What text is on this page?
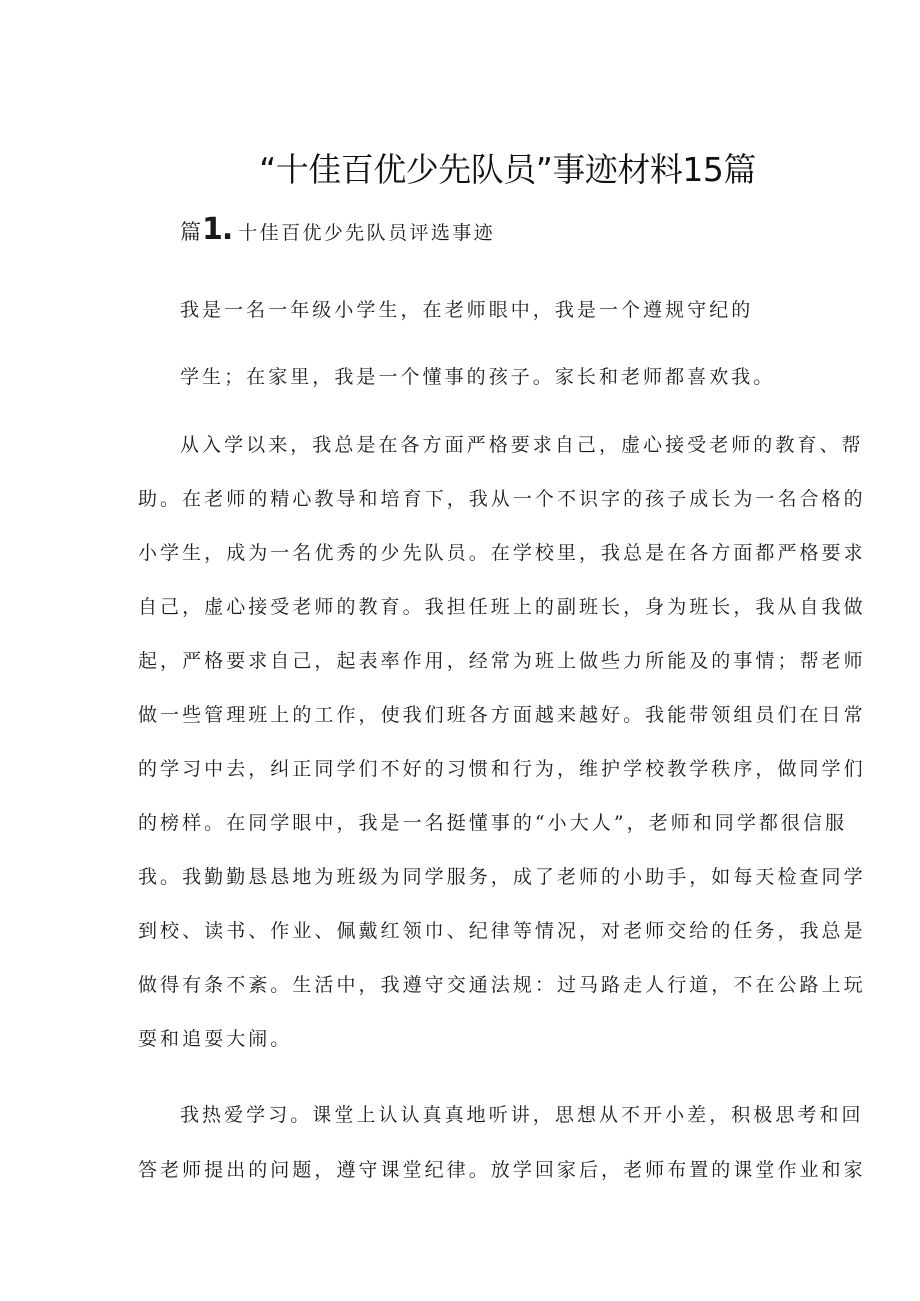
“十佳百优少先队员”事迹材料15篇
篇1. 十佳百优少先队员评选事迹
我是一名一年级小学生，在老师眼中，我是一个遵规守纪的
学生；在家里，我是一个懂事的孩子。家长和老师都喜欢我。
从入学以来，我总是在各方面严格要求自己，虚心接受老师的教育、帮
助。在老师的精心教导和培育下，我从一个不识字的孩子成长为一名合格的
小学生，成为一名优秀的少先队员。在学校里，我总是在各方面都严格要求
自己，虚心接受老师的教育。我担任班上的副班长，身为班长，我从自我做
起，严格要求自己，起表率作用，经常为班上做些力所能及的事情；帮老师
做一些管理班上的工作，使我们班各方面越来越好。我能带领组员们在日常
的学习中去，纠正同学们不好的习惯和行为，维护学校教学秩序，做同学们
的榜样。在同学眼中，我是一名挺懂事的“小大人”，老师和同学都很信服
我。我勤勤恳恳地为班级为同学服务，成了老师的小助手，如每天检查同学
到校、读书、作业、佩戴红领巾、纪律等情况，对老师交给的任务，我总是
做得有条不紊。生活中，我遵守交通法规：过马路走人行道，不在公路上玩
耍和追耍大闹。
我热爱学习。课堂上认认真真地听讲，思想从不开小差，积极思考和回
答老师提出的问题，遵守课堂纪律。放学回家后，老师布置的课堂作业和家
